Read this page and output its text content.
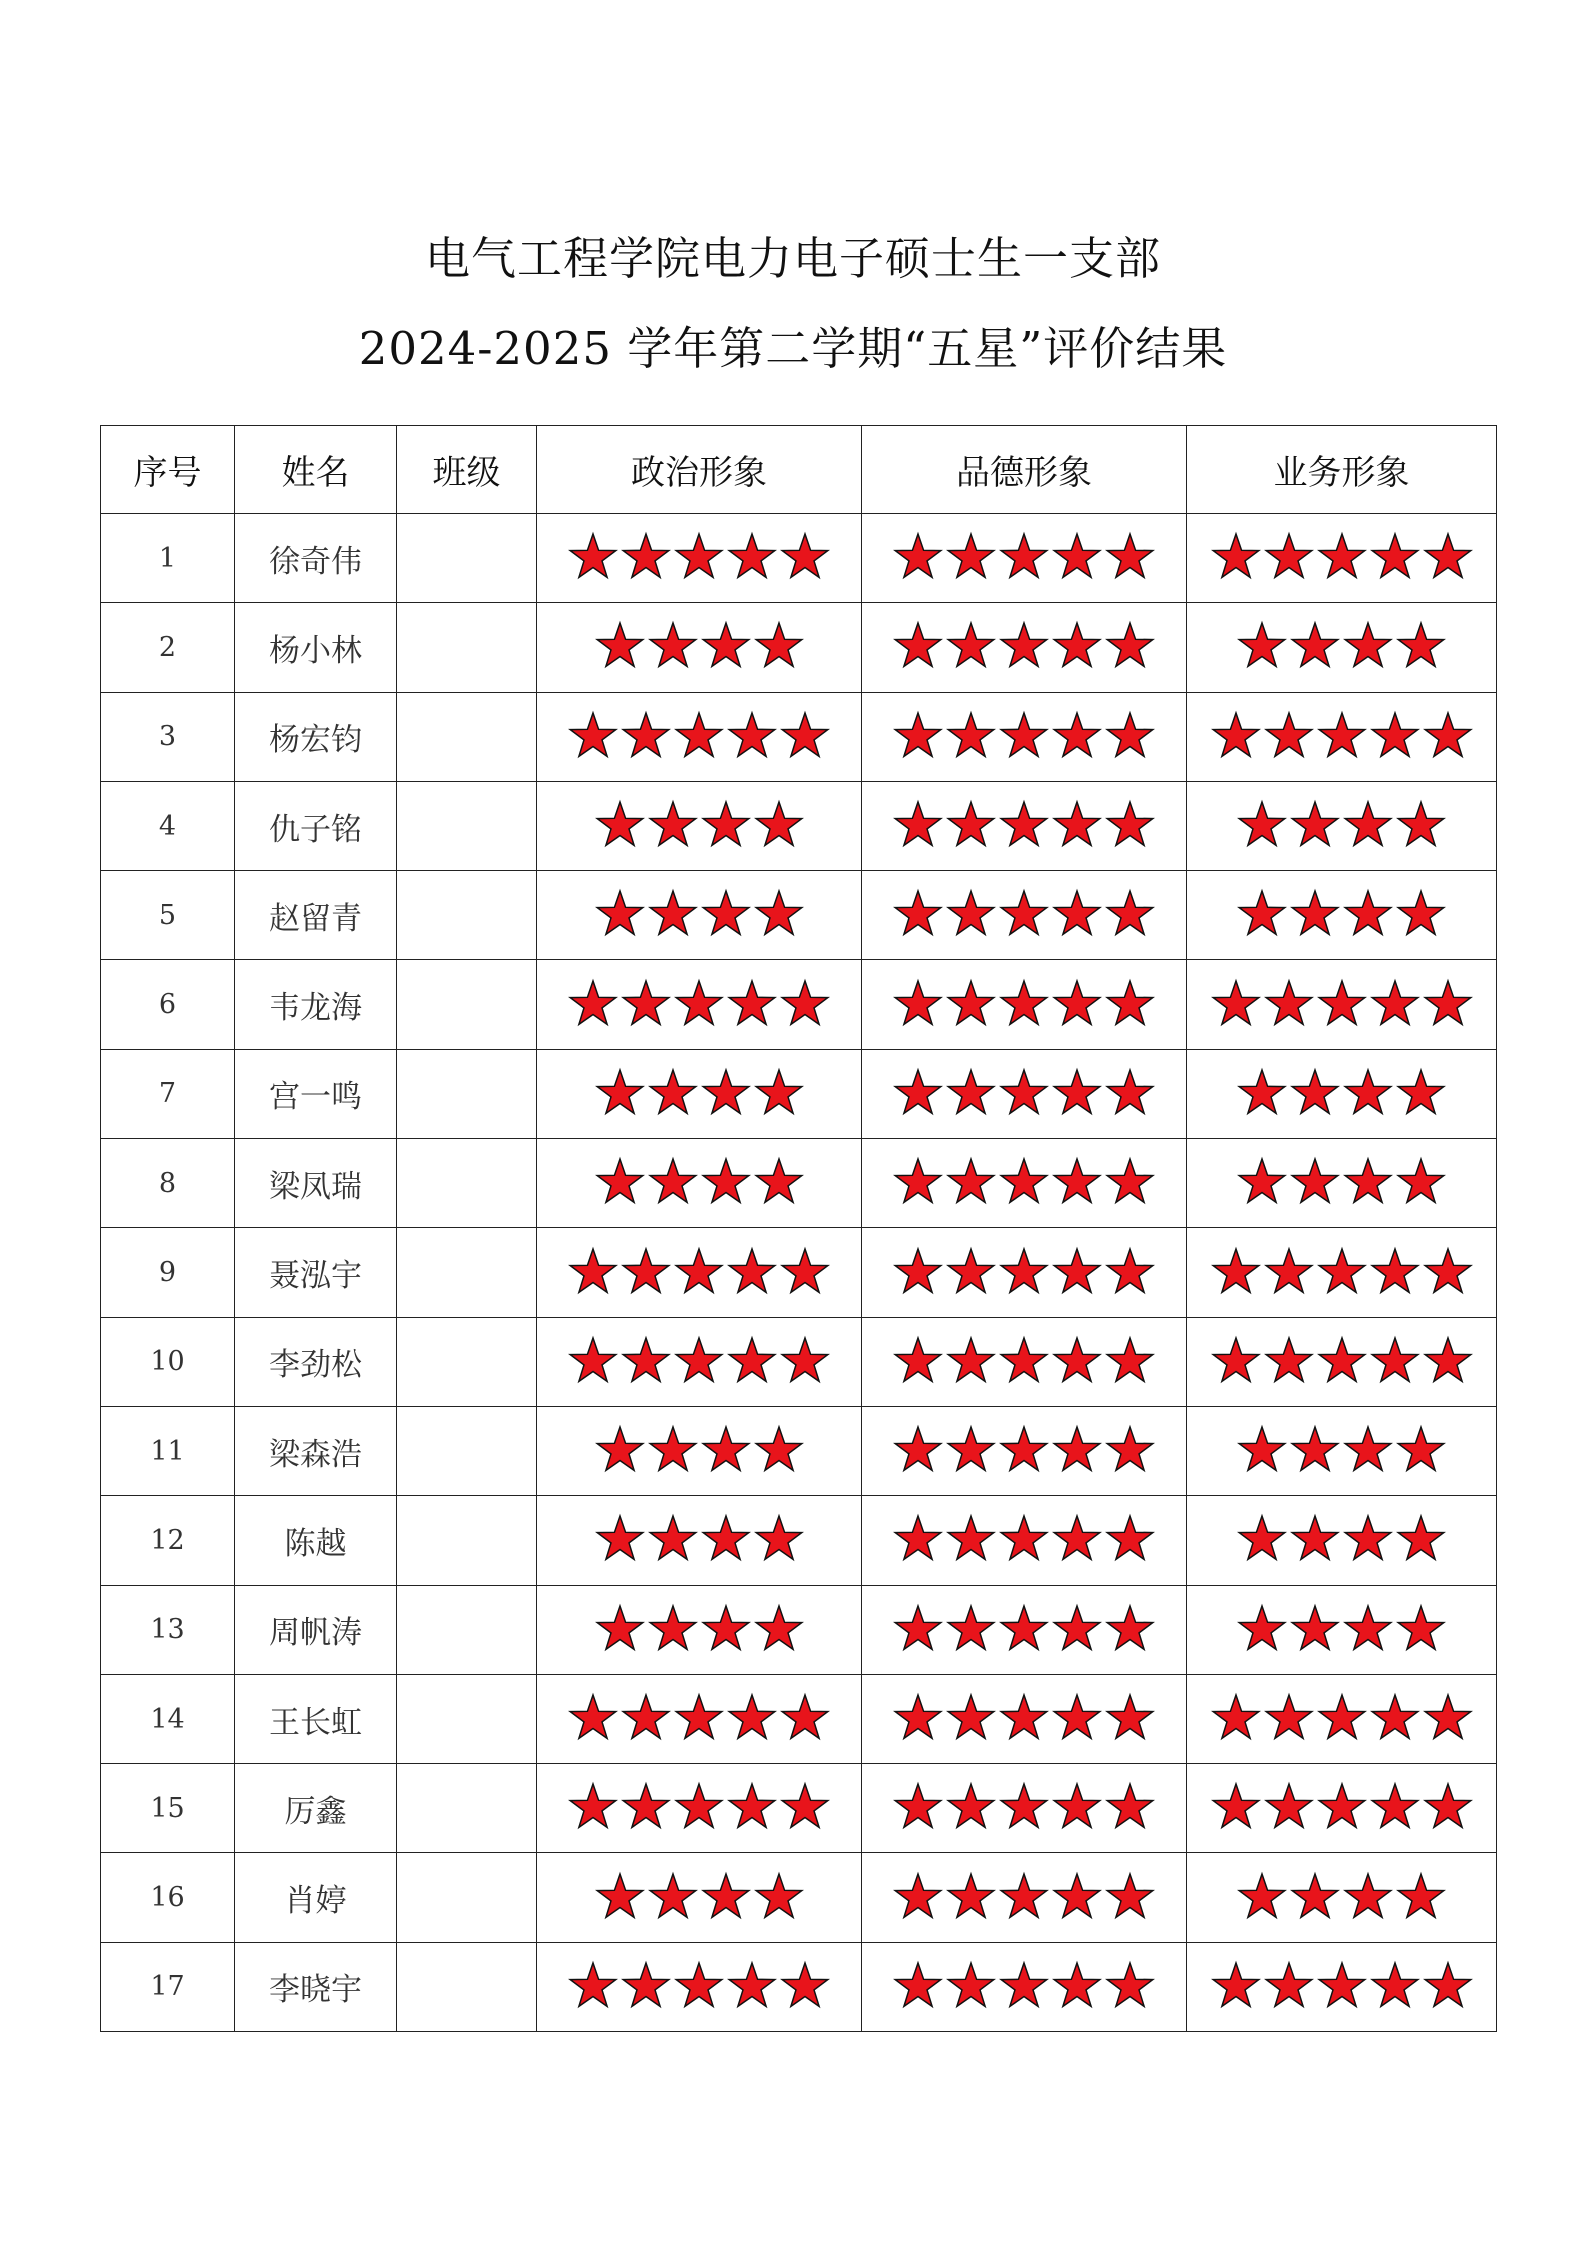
电气工程学院电力电子硕士生一支部
2024-2025 学年第二学期“五星”评价结果
序号	姓名	班级	政治形象	品德形象	业务形象
1	徐奇伟		

2	杨小林		

3	杨宏钧		

4	仇子铭		

5	赵留青		

6	韦龙海		

7	宫一鸣		

8	梁凤瑞		

9	聂泓宇		

10	李劲松		

11	梁森浩		

12	陈越		

13	周帆涛		

14	王长虹		

15	厉鑫		

16	肖婷		

17	李晓宇		
